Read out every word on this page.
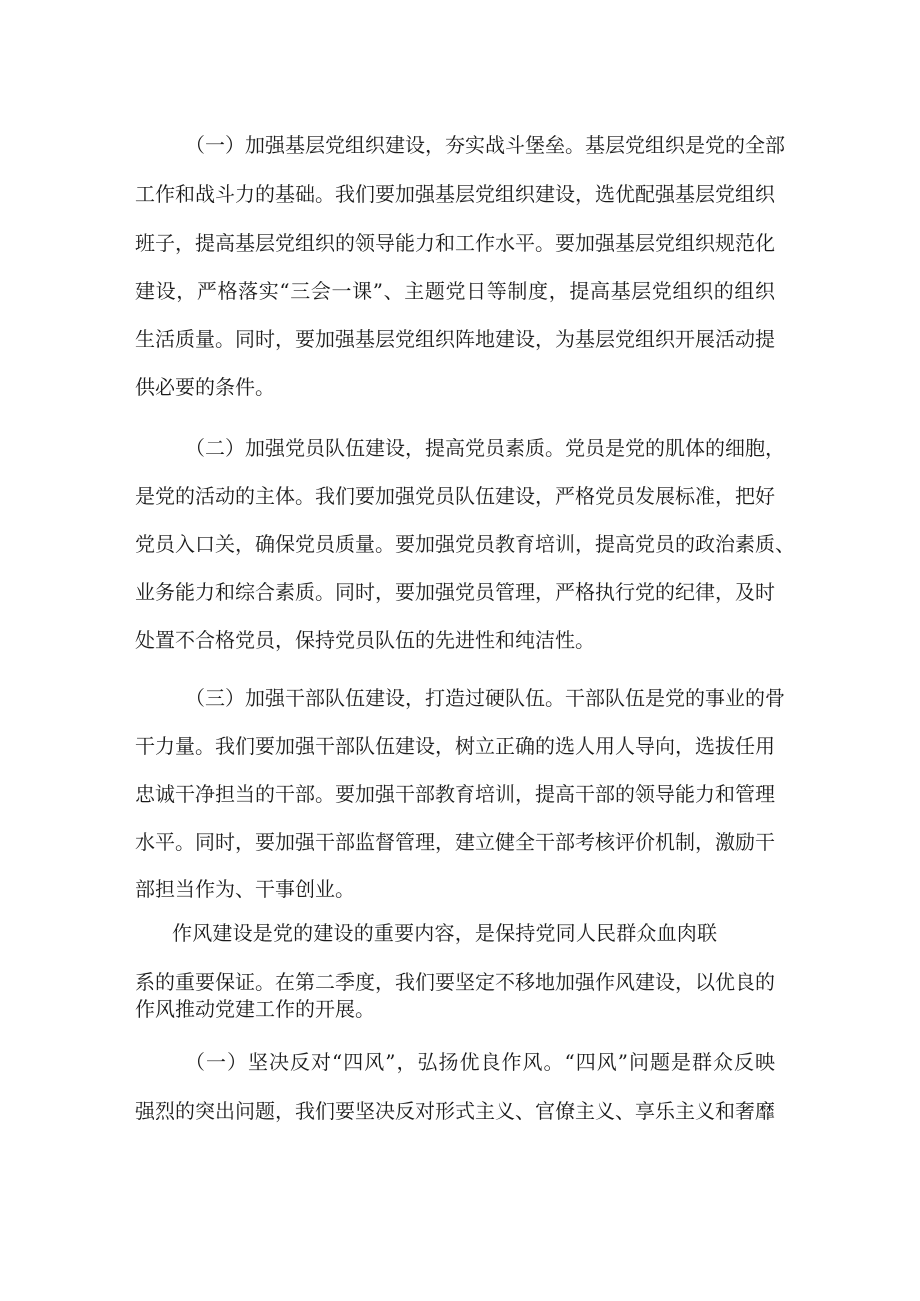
（一）加强基层党组织建设，夯实战斗堡垒。基层党组织是党的全部
工作和战斗力的基础。我们要加强基层党组织建设，选优配强基层党组织
班子，提高基层党组织的领导能力和工作水平。要加强基层党组织规范化
建设，严格落实“三会一课”、主题党日等制度，提高基层党组织的组织
生活质量。同时，要加强基层党组织阵地建设，为基层党组织开展活动提
供必要的条件。
（二）加强党员队伍建设，提高党员素质。党员是党的肌体的细胞，
是党的活动的主体。我们要加强党员队伍建设，严格党员发展标准，把好
党员入口关，确保党员质量。要加强党员教育培训，提高党员的政治素质、
业务能力和综合素质。同时，要加强党员管理，严格执行党的纪律，及时
处置不合格党员，保持党员队伍的先进性和纯洁性。
（三）加强干部队伍建设，打造过硬队伍。干部队伍是党的事业的骨
干力量。我们要加强干部队伍建设，树立正确的选人用人导向，选拔任用
忠诚干净担当的干部。要加强干部教育培训，提高干部的领导能力和管理
水平。同时，要加强干部监督管理，建立健全干部考核评价机制，激励干
部担当作为、干事创业。
作风建设是党的建设的重要内容，是保持党同人民群众血肉联
系的重要保证。在第二季度，我们要坚定不移地加强作风建设，以优良的
作风推动党建工作的开展。
（一）坚决反对“四风”，弘扬优良作风。“四风”问题是群众反映
强烈的突出问题，我们要坚决反对形式主义、官僚主义、享乐主义和奢靡
